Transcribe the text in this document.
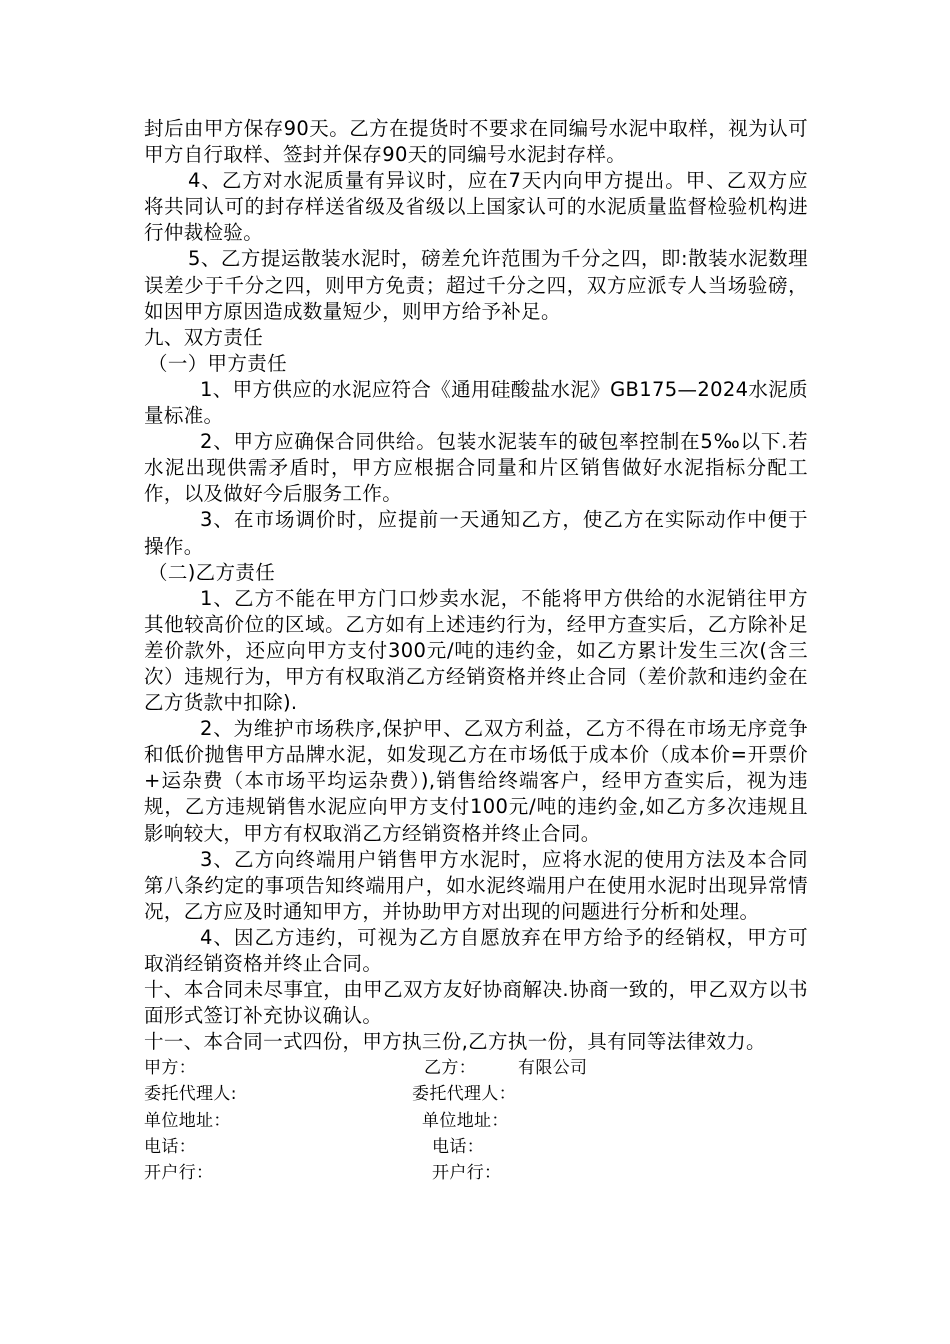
封后由甲方保存90天。乙方在提货时不要求在同编号水泥中取样，视为认可甲方自行取样、签封并保存90天的同编号水泥封存样。

4、乙方对水泥质量有异议时，应在7天内向甲方提出。甲、乙双方应将共同认可的封存样送省级及省级以上国家认可的水泥质量监督检验机构进行仲裁检验。

5、乙方提运散装水泥时，磅差允许范围为千分之四，即:散装水泥数理误差少于千分之四，则甲方免责；超过千分之四，双方应派专人当场验磅，如因甲方原因造成数量短少，则甲方给予补足。

九、双方责任

（一）甲方责任

1、甲方供应的水泥应符合《通用硅酸盐水泥》GB175—2024水泥质量标准。

2、甲方应确保合同供给。包装水泥装车的破包率控制在5‰以下.若水泥出现供需矛盾时，甲方应根据合同量和片区销售做好水泥指标分配工作，以及做好今后服务工作。

3、在市场调价时，应提前一天通知乙方，使乙方在实际动作中便于操作。

（二)乙方责任

1、乙方不能在甲方门口炒卖水泥，不能将甲方供给的水泥销往甲方其他较高价位的区域。乙方如有上述违约行为，经甲方查实后，乙方除补足差价款外，还应向甲方支付300元/吨的违约金，如乙方累计发生三次(含三次）违规行为，甲方有权取消乙方经销资格并终止合同（差价款和违约金在乙方货款中扣除).

2、为维护市场秩序,保护甲、乙双方利益，乙方不得在市场无序竞争和低价抛售甲方品牌水泥，如发现乙方在市场低于成本价（成本价=开票价+运杂费（本市场平均运杂费）),销售给终端客户，经甲方查实后，视为违规，乙方违规销售水泥应向甲方支付100元/吨的违约金,如乙方多次违规且影响较大，甲方有权取消乙方经销资格并终止合同。

3、乙方向终端用户销售甲方水泥时，应将水泥的使用方法及本合同第八条约定的事项告知终端用户，如水泥终端用户在使用水泥时出现异常情况，乙方应及时通知甲方，并协助甲方对出现的问题进行分析和处理。

4、因乙方违约，可视为乙方自愿放弃在甲方给予的经销权，甲方可取消经销资格并终止合同。

十、本合同未尽事宜，由甲乙双方友好协商解决.协商一致的，甲乙双方以书面形式签订补充协议确认。

十一、本合同一式四份，甲方执三份,乙方执一份，具有同等法律效力。

甲方：	乙方： 有限公司
委托代理人:	委托代理人：
单位地址：	单位地址：
电话：	电话：
开户行：	开户行：
